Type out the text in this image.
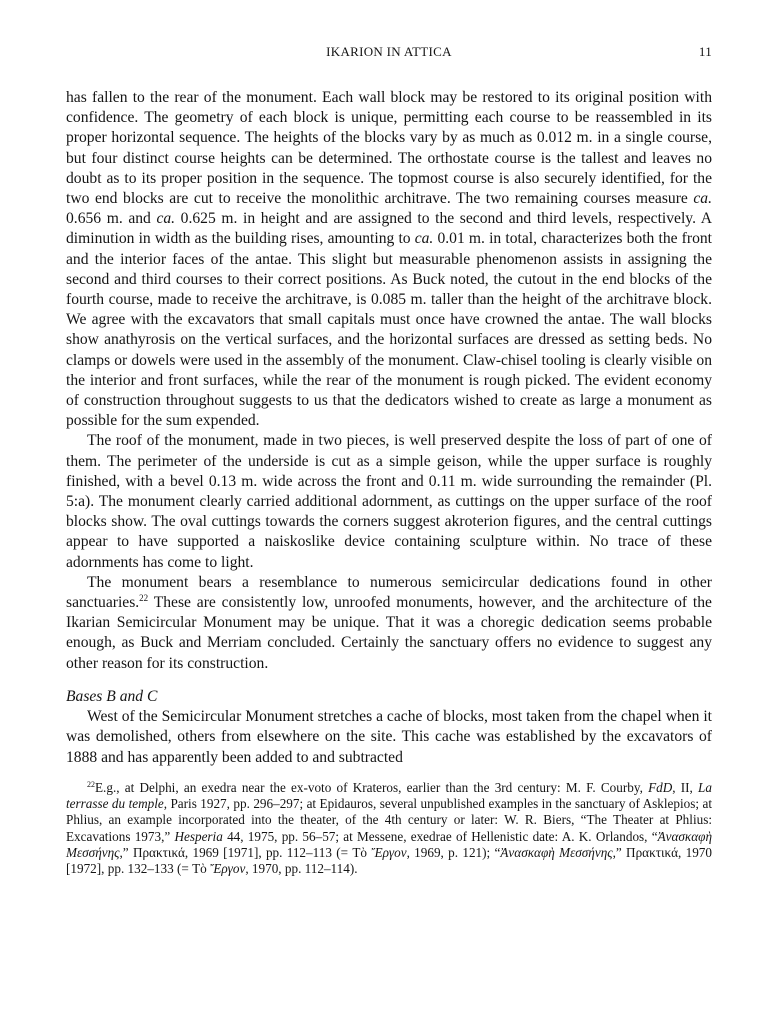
IKARION IN ATTICA	11

has fallen to the rear of the monument. Each wall block may be restored to its original position with confidence. The geometry of each block is unique, permitting each course to be reassembled in its proper horizontal sequence. The heights of the blocks vary by as much as 0.012 m. in a single course, but four distinct course heights can be determined. The orthostate course is the tallest and leaves no doubt as to its proper position in the sequence. The topmost course is also securely identified, for the two end blocks are cut to receive the monolithic architrave. The two remaining courses measure ca. 0.656 m. and ca. 0.625 m. in height and are assigned to the second and third levels, respectively. A diminution in width as the building rises, amounting to ca. 0.01 m. in total, characterizes both the front and the interior faces of the antae. This slight but measurable phenomenon assists in assigning the second and third courses to their correct positions. As Buck noted, the cutout in the end blocks of the fourth course, made to receive the architrave, is 0.085 m. taller than the height of the architrave block. We agree with the excavators that small capitals must once have crowned the antae. The wall blocks show anathyrosis on the vertical surfaces, and the horizontal surfaces are dressed as setting beds. No clamps or dowels were used in the assembly of the monument. Claw-chisel tooling is clearly visible on the interior and front surfaces, while the rear of the monument is rough picked. The evident economy of construction throughout suggests to us that the dedicators wished to create as large a monument as possible for the sum expended.

The roof of the monument, made in two pieces, is well preserved despite the loss of part of one of them. The perimeter of the underside is cut as a simple geison, while the upper surface is roughly finished, with a bevel 0.13 m. wide across the front and 0.11 m. wide surrounding the remainder (Pl. 5:a). The monument clearly carried additional adornment, as cuttings on the upper surface of the roof blocks show. The oval cuttings towards the corners suggest akroterion figures, and the central cuttings appear to have supported a naiskoslike device containing sculpture within. No trace of these adornments has come to light.

The monument bears a resemblance to numerous semicircular dedications found in other sanctuaries.$^{22}$ These are consistently low, unroofed monuments, however, and the architecture of the Ikarian Semicircular Monument may be unique. That it was a choregic dedication seems probable enough, as Buck and Merriam concluded. Certainly the sanctuary offers no evidence to suggest any other reason for its construction.

Bases B and C

West of the Semicircular Monument stretches a cache of blocks, most taken from the chapel when it was demolished, others from elsewhere on the site. This cache was established by the excavators of 1888 and has apparently been added to and subtracted

$^{22}$E.g., at Delphi, an exedra near the ex-voto of Krateros, earlier than the 3rd century: M. F. Courby, FdD, II, La terrasse du temple, Paris 1927, pp. 296–297; at Epidauros, several unpublished examples in the sanctuary of Asklepios; at Phlius, an example incorporated into the theater, of the 4th century or later: W. R. Biers, “The Theater at Phlius: Excavations 1973,” Hesperia 44, 1975, pp. 56–57; at Messene, exedrae of Hellenistic date: A. K. Orlandos, “Ἀνασκαφὴ Μεσσήνης,” Πρακτικά, 1969 [1971], pp. 112–113 (= Τὸ Ἔργον, 1969, p. 121); “Ἀνασκαφὴ Μεσσήνης,” Πρακτικά, 1970 [1972], pp. 132–133 (= Τὸ Ἔργον, 1970, pp. 112–114).
